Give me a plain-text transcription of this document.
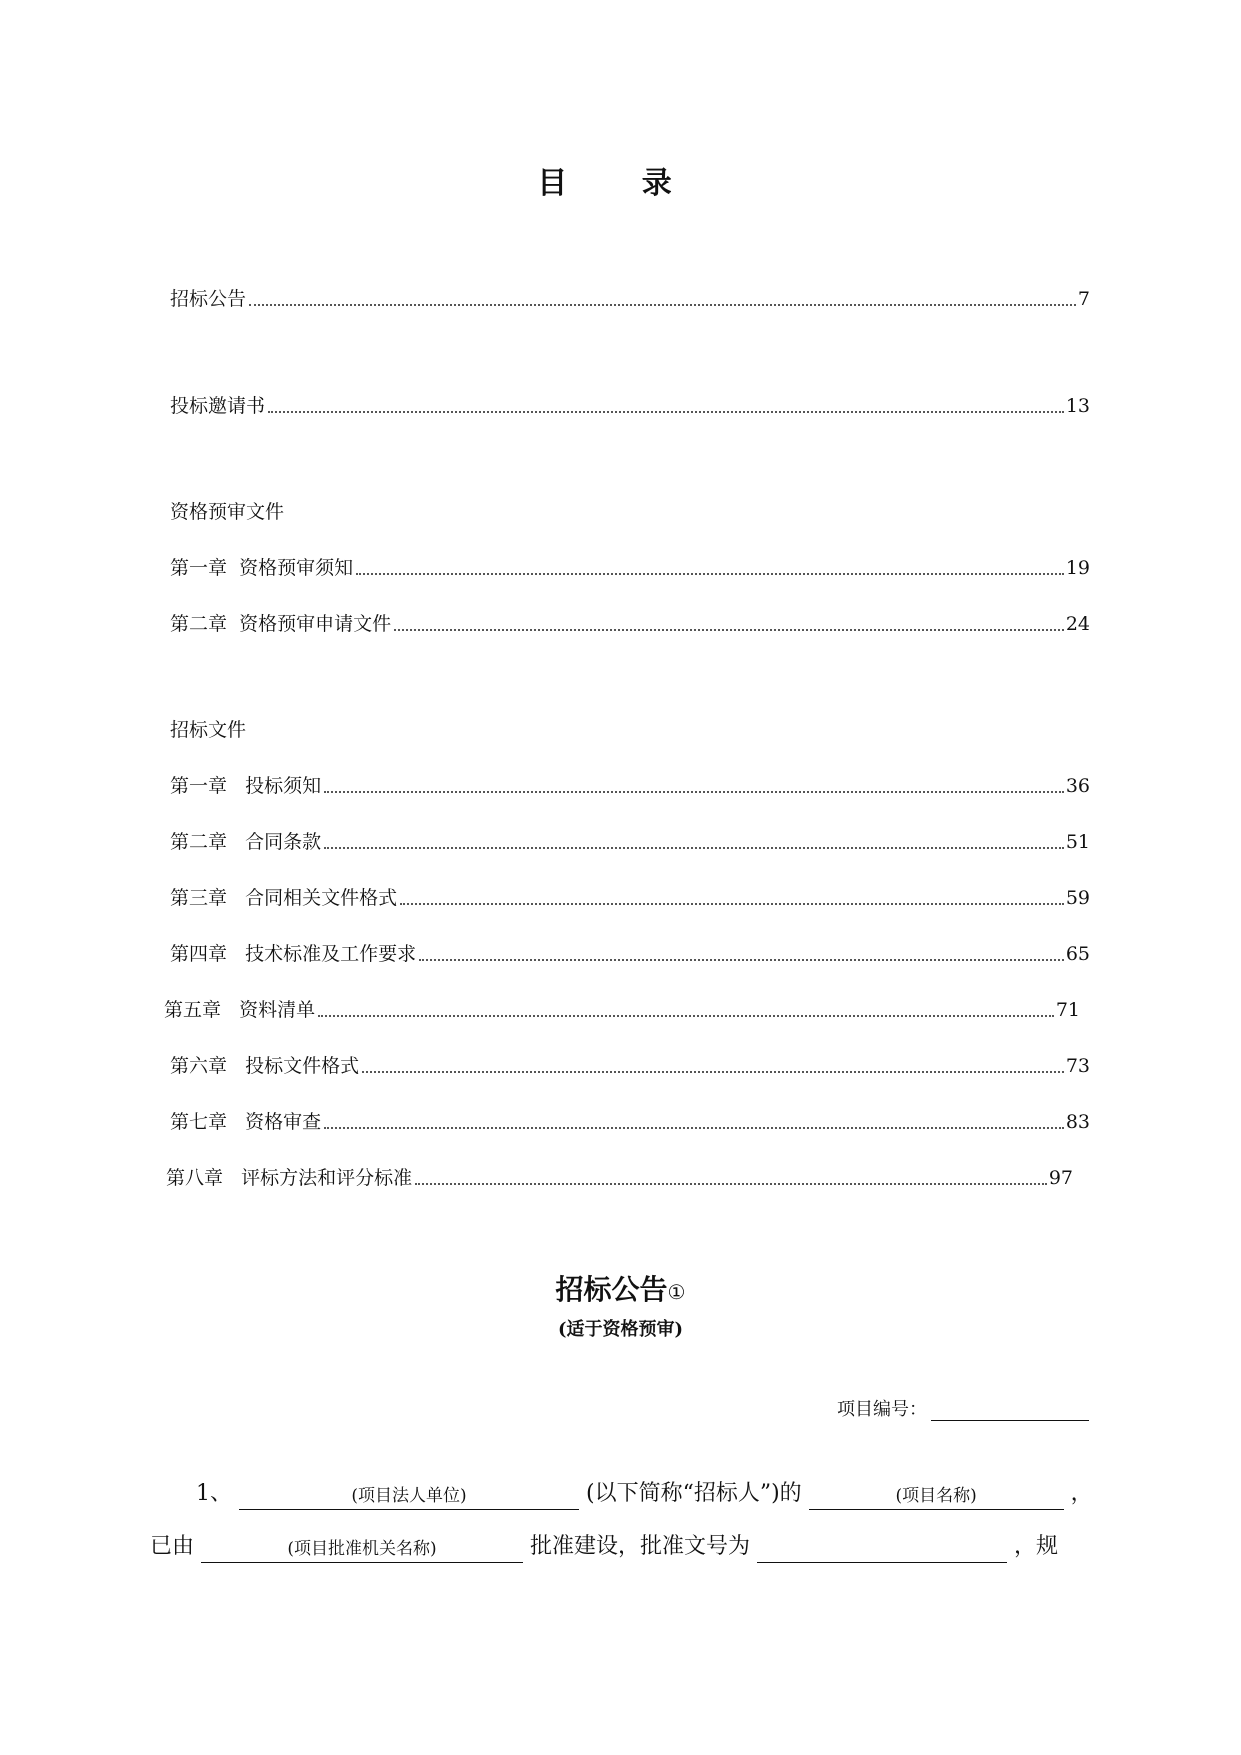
目 录
招标公告	7
投标邀请书	13
资格预审文件
第一章  资格预审须知	19
第二章  资格预审申请文件	24
招标文件
第一章   投标须知	36
第二章   合同条款	51
第三章   合同相关文件格式	59
第四章   技术标准及工作要求	65
第五章   资料清单	71
第六章   投标文件格式	73
第七章   资格审查	83
第八章   评标方法和评分标准	97
招标公告①
(适于资格预审)
项目编号：
1、	(项目法人单位)	(以下简称“招标人”)的	(项目名称)	，
已由	(项目批准机关名称)	批准建设，批准文号为	，规
